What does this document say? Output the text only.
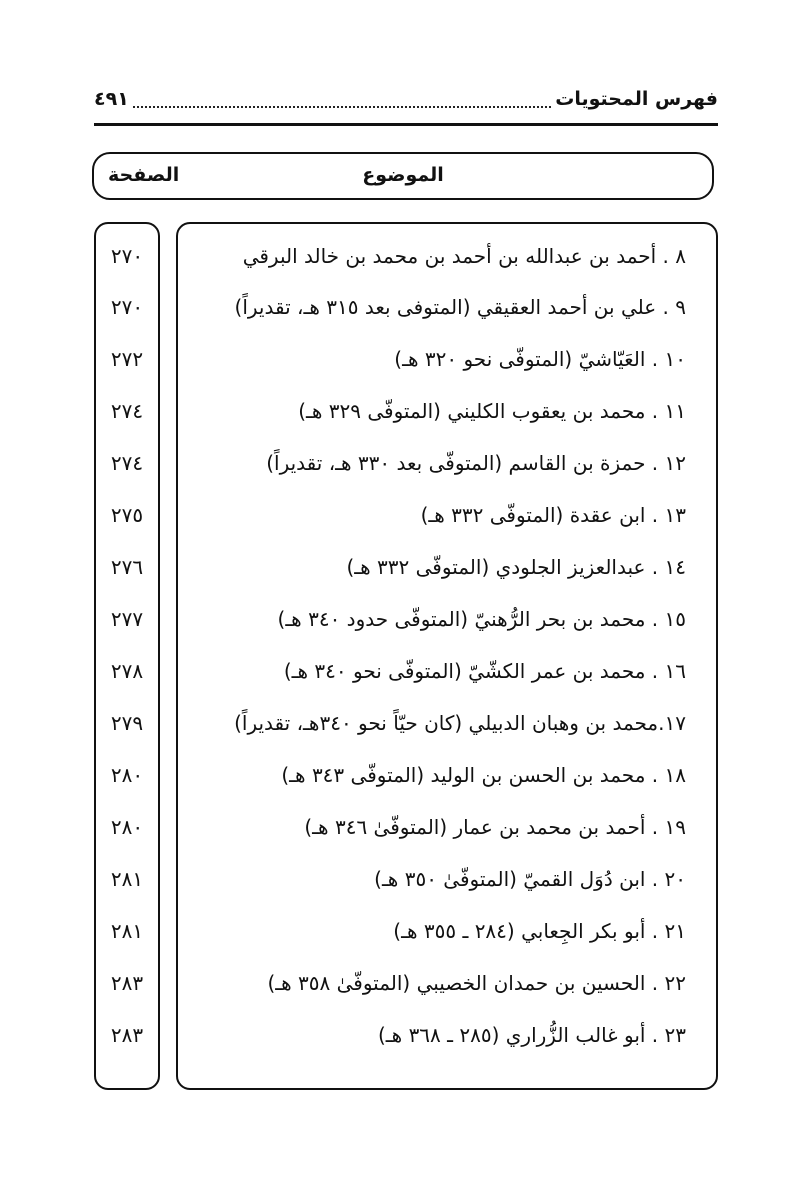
فهرس المحتويات
٤٩١
الموضوع
الصفحة
٨ . أحمد بن عبدالله بن أحمد بن محمد بن خالد البرقي
٢٧٠
٩ . علي بن أحمد العقيقي (المتوفى بعد ٣١٥ هـ، تقديراً)
٢٧٠
١٠ . العَيّاشيّ (المتوفّى نحو ٣٢٠ هـ)
٢٧٢
١١ . محمد بن يعقوب الكليني (المتوفّى ٣٢٩ هـ)
٢٧٤
١٢ . حمزة بن القاسم (المتوفّى بعد ٣٣٠ هـ، تقديراً)
٢٧٤
١٣ . ابن عقدة (المتوفّى ٣٣٢ هـ)
٢٧٥
١٤ . عبدالعزيز الجلودي (المتوفّى ٣٣٢ هـ)
٢٧٦
١٥ . محمد بن بحر الرُّهنيّ (المتوفّى حدود ٣٤٠ هـ)
٢٧٧
١٦ . محمد بن عمر الكشّيّ (المتوفّى نحو ٣٤٠ هـ)
٢٧٨
١٧.محمد بن وهبان الدبيلي (كان حيّاً نحو ٣٤٠هـ، تقديراً)
٢٧٩
١٨ . محمد بن الحسن بن الوليد (المتوفّى ٣٤٣ هـ)
٢٨٠
١٩ . أحمد بن محمد بن عمار (المتوفّىٰ ٣٤٦ هـ)
٢٨٠
٢٠ . ابن دُوَل القميّ (المتوفّىٰ ٣٥٠ هـ)
٢٨١
٢١ . أبو بكر الجِعابي (٢٨٤ ـ ٣٥٥ هـ)
٢٨١
٢٢ . الحسين بن حمدان الخصيبي (المتوفّىٰ ٣٥٨ هـ)
٢٨٣
٢٣ . أبو غالب الزُّراري (٢٨٥ ـ ٣٦٨ هـ)
٢٨٣
